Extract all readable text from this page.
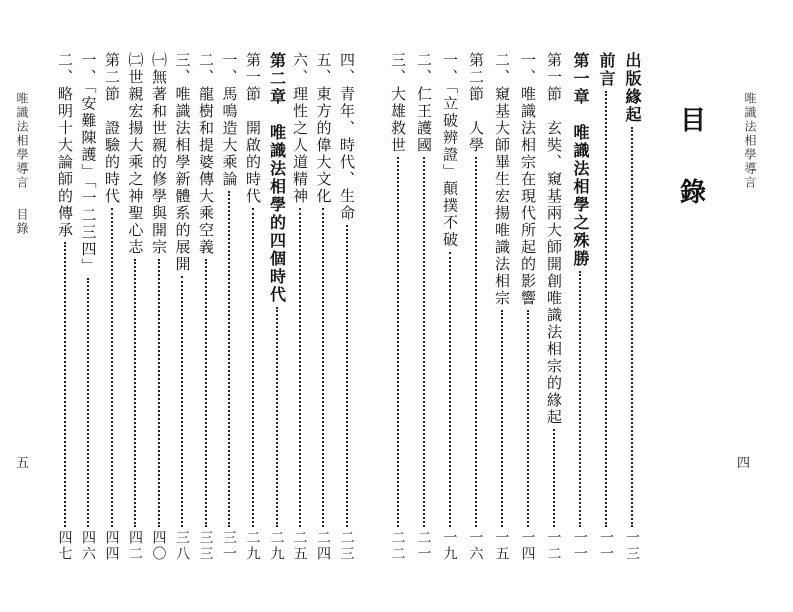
唯識法相學導言
目
錄
四
出版緣起
一三
前言
一一
第一章　唯識法相學之殊勝
一一
第一節　玄奘、窺基兩大師開創唯識法相宗的緣起
一二
一、唯識法相宗在現代所起的影響
一四
二、窺基大師畢生宏揚唯識法相宗
一五
第二節　人學
一六
一、「立破辨證」顛撲不破
一九
二、仁王護國
二一
三、大雄救世
二二
唯識法相學導言
目錄
五
四、青年、時代、生命
二三
五、東方的偉大文化
二四
六、理性之人道精神
二五
第二章　唯識法相學的四個時代
二九
第一節　開啟的時代
二九
一、馬鳴造大乘論
三一
二、龍樹和提婆傳大乘空義
三三
三、唯識法相學新體系的展開
三八
㈠無著和世親的修學與開宗
四〇
㈡世親宏揚大乘之神聖心志
四二
第二節　證驗的時代
四四
一、「安難陳護」「一二三四」
四六
二、略明十大論師的傳承
四七
